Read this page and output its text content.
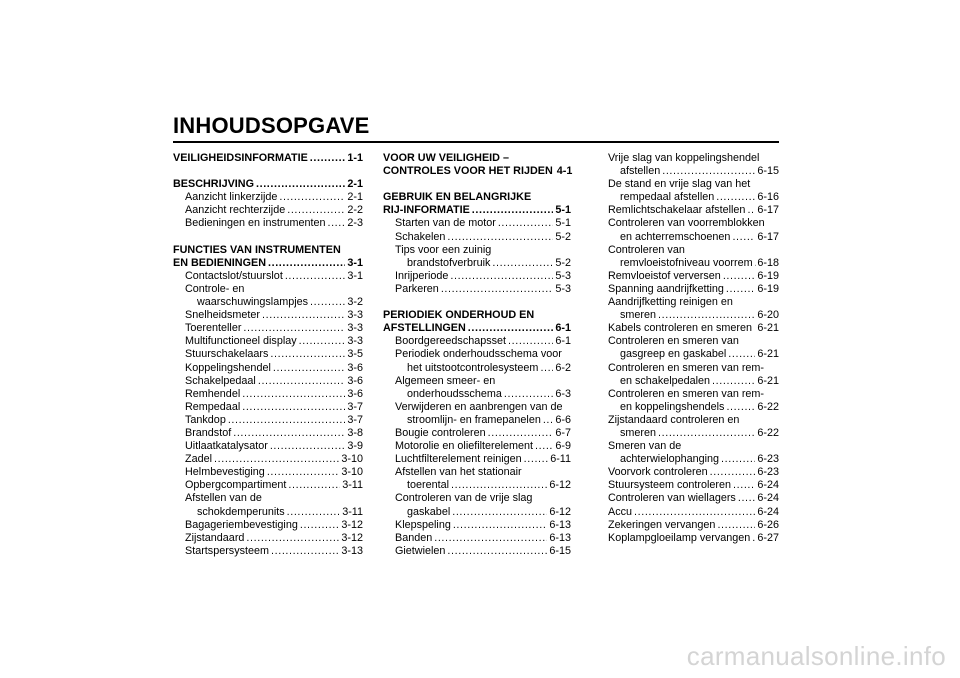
INHOUDSOPGAVE
VEILIGHEIDSINFORMATIE .....	1-1
BESCHRIJVING .....	2-1
Aanzicht linkerzijde .....	2-1
Aanzicht rechterzijde .....	2-2
Bedieningen en instrumenten ..... 2-3
FUNCTIES VAN INSTRUMENTEN
EN BEDIENINGEN .....	3-1
Contactslot/stuurslot .....	3-1
Controle- en
waarschuwingslampjes .....	3-2
Snelheidsmeter .....	3-3
Toerenteller .....	3-3
Multifunctioneel display .....	3-3
Stuurschakelaars .....	3-5
Koppelingshendel .....	3-6
Schakelpedaal .....	3-6
Remhendel .....	3-6
Rempedaal .....	3-7
Tankdop .....	3-7
Brandstof .....	3-8
Uitlaatkatalysator .....	3-9
Zadel .....	3-10
Helmbevestiging .....	3-10
Opbergcompartiment .....	3-11
Afstellen van de
schokdemperunits .....	3-11
Bagageriembevestiging .....	3-12
Zijstandaard .....	3-12
Startspersysteem .....	3-13
VOOR UW VEILIGHEID –
CONTROLES VOOR HET RIJDEN 4-1
GEBRUIK EN BELANGRIJKE
RIJ-INFORMATIE .....	5-1
Starten van de motor .....	5-1
Schakelen .....	5-2
Tips voor een zuinig
brandstofverbruik .....	5-2
Inrijperiode .....	5-3
Parkeren .....	5-3
PERIODIEK ONDERHOUD EN
AFSTELLINGEN .....	6-1
Boordgereedschapsset .....	6-1
Periodiek onderhoudsschema voor
het uitstootcontrolesysteem ..... 6-2
Algemeen smeer- en
onderhoudsschema .....	6-3
Verwijderen en aanbrengen van de
stroomlijn- en framepanelen ..... 6-6
Bougie controleren .....	6-7
Motorolie en oliefilterelement ..... 6-9
Luchtfilterelement reinigen .....	6-11
Afstellen van het stationair
toerental .....	6-12
Controleren van de vrije slag
gaskabel .....	6-12
Klepspeling .....	6-13
Banden .....	6-13
Gietwielen .....	6-15
Vrije slag van koppelingshendel
afstellen .....	6-15
De stand en vrije slag van het
rempedaal afstellen .....	6-16
Remlichtschakelaar afstellen ..... 6-17
Controleren van voorremblokken
en achterremschoenen ..... 6-17
Controleren van
remvloeistofniveau voorrem ..... 6-18
Remvloeistof verversen .....	6-19
Spanning aandrijfketting .....	6-19
Aandrijfketting reinigen en
smeren .....	6-20
Kabels controleren en smeren ..... 6-21
Controleren en smeren van
gasgreep en gaskabel .....	6-21
Controleren en smeren van rem-
en schakelpedalen .....	6-21
Controleren en smeren van rem-
en koppelingshendels .....	6-22
Zijstandaard controleren en
smeren .....	6-22
Smeren van de
achterwielophanging .....	6-23
Voorvork controleren .....	6-23
Stuursysteem controleren ..... 6-24
Controleren van wiellagers ..... 6-24
Accu .....	6-24
Zekeringen vervangen .....	6-26
Koplampgloeilamp vervangen ..... 6-27
carmanualsonline.info
